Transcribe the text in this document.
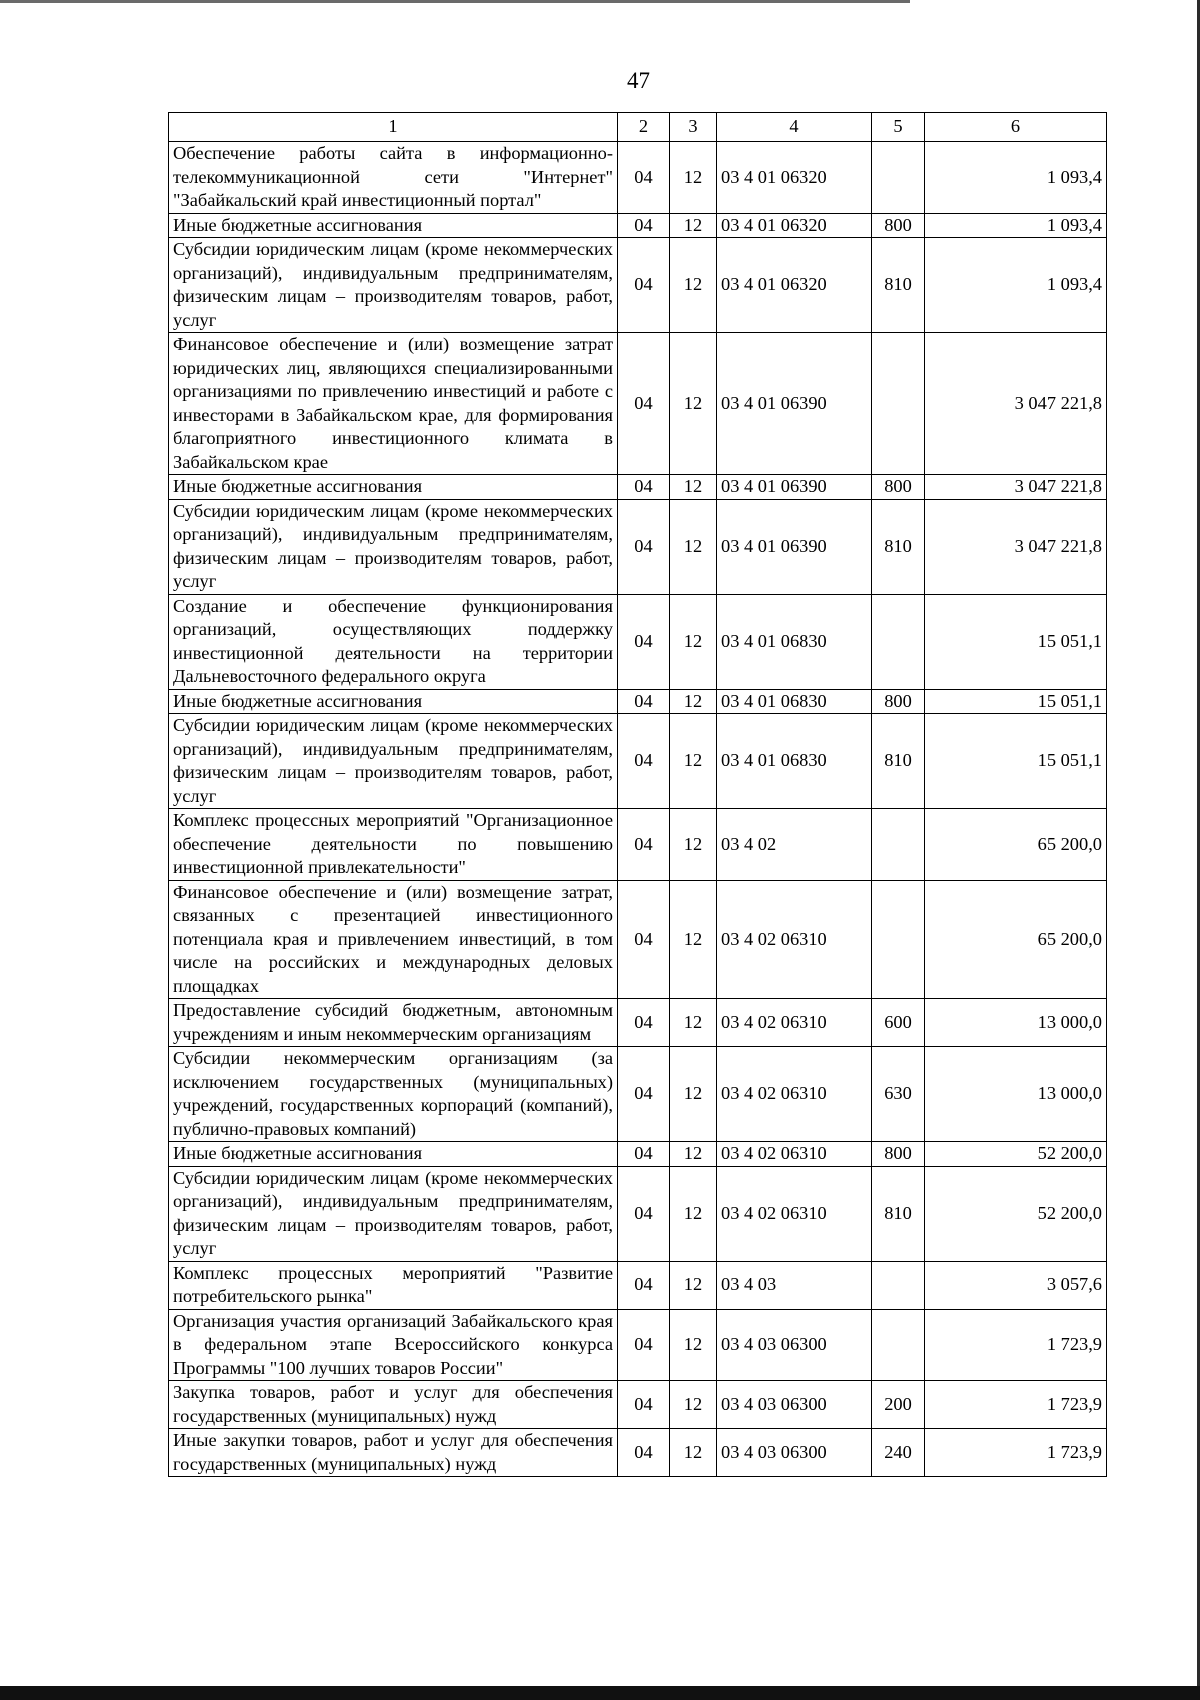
47
1	2	3	4	5	6
Обеспечение работы сайта в информационно-телекоммуникационной сети "Интернет" "Забайкальский край инвестиционный портал"	04	12	03 4 01 06320		1 093,4
Иные бюджетные ассигнования	04	12	03 4 01 06320	800	1 093,4
Субсидии юридическим лицам (кроме некоммерческих организаций), индивидуальным предпринимателям, физическим лицам – производителям товаров, работ, услуг	04	12	03 4 01 06320	810	1 093,4
Финансовое обеспечение и (или) возмещение затрат юридических лиц, являющихся специализированными организациями по привлечению инвестиций и работе с инвесторами в Забайкальском крае, для формирования благоприятного инвестиционного климата в Забайкальском крае	04	12	03 4 01 06390		3 047 221,8
Иные бюджетные ассигнования	04	12	03 4 01 06390	800	3 047 221,8
Субсидии юридическим лицам (кроме некоммерческих организаций), индивидуальным предпринимателям, физическим лицам – производителям товаров, работ, услуг	04	12	03 4 01 06390	810	3 047 221,8
Создание и обеспечение функционирования организаций, осуществляющих поддержку инвестиционной деятельности на территории Дальневосточного федерального округа	04	12	03 4 01 06830		15 051,1
Иные бюджетные ассигнования	04	12	03 4 01 06830	800	15 051,1
Субсидии юридическим лицам (кроме некоммерческих организаций), индивидуальным предпринимателям, физическим лицам – производителям товаров, работ, услуг	04	12	03 4 01 06830	810	15 051,1
Комплекс процессных мероприятий "Организационное обеспечение деятельности по повышению инвестиционной привлекательности"	04	12	03 4 02		65 200,0
Финансовое обеспечение и (или) возмещение затрат, связанных с презентацией инвестиционного потенциала края и привлечением инвестиций, в том числе на российских и международных деловых площадках	04	12	03 4 02 06310		65 200,0
Предоставление субсидий бюджетным, автономным учреждениям и иным некоммерческим организациям	04	12	03 4 02 06310	600	13 000,0
Субсидии некоммерческим организациям (за исключением государственных (муниципальных) учреждений, государственных корпораций (компаний), публично-правовых компаний)	04	12	03 4 02 06310	630	13 000,0
Иные бюджетные ассигнования	04	12	03 4 02 06310	800	52 200,0
Субсидии юридическим лицам (кроме некоммерческих организаций), индивидуальным предпринимателям, физическим лицам – производителям товаров, работ, услуг	04	12	03 4 02 06310	810	52 200,0
Комплекс процессных мероприятий "Развитие потребительского рынка"	04	12	03 4 03		3 057,6
Организация участия организаций Забайкальского края в федеральном этапе Всероссийского конкурса Программы "100 лучших товаров России"	04	12	03 4 03 06300		1 723,9
Закупка товаров, работ и услуг для обеспечения государственных (муниципальных) нужд	04	12	03 4 03 06300	200	1 723,9
Иные закупки товаров, работ и услуг для обеспечения государственных (муниципальных) нужд	04	12	03 4 03 06300	240	1 723,9
